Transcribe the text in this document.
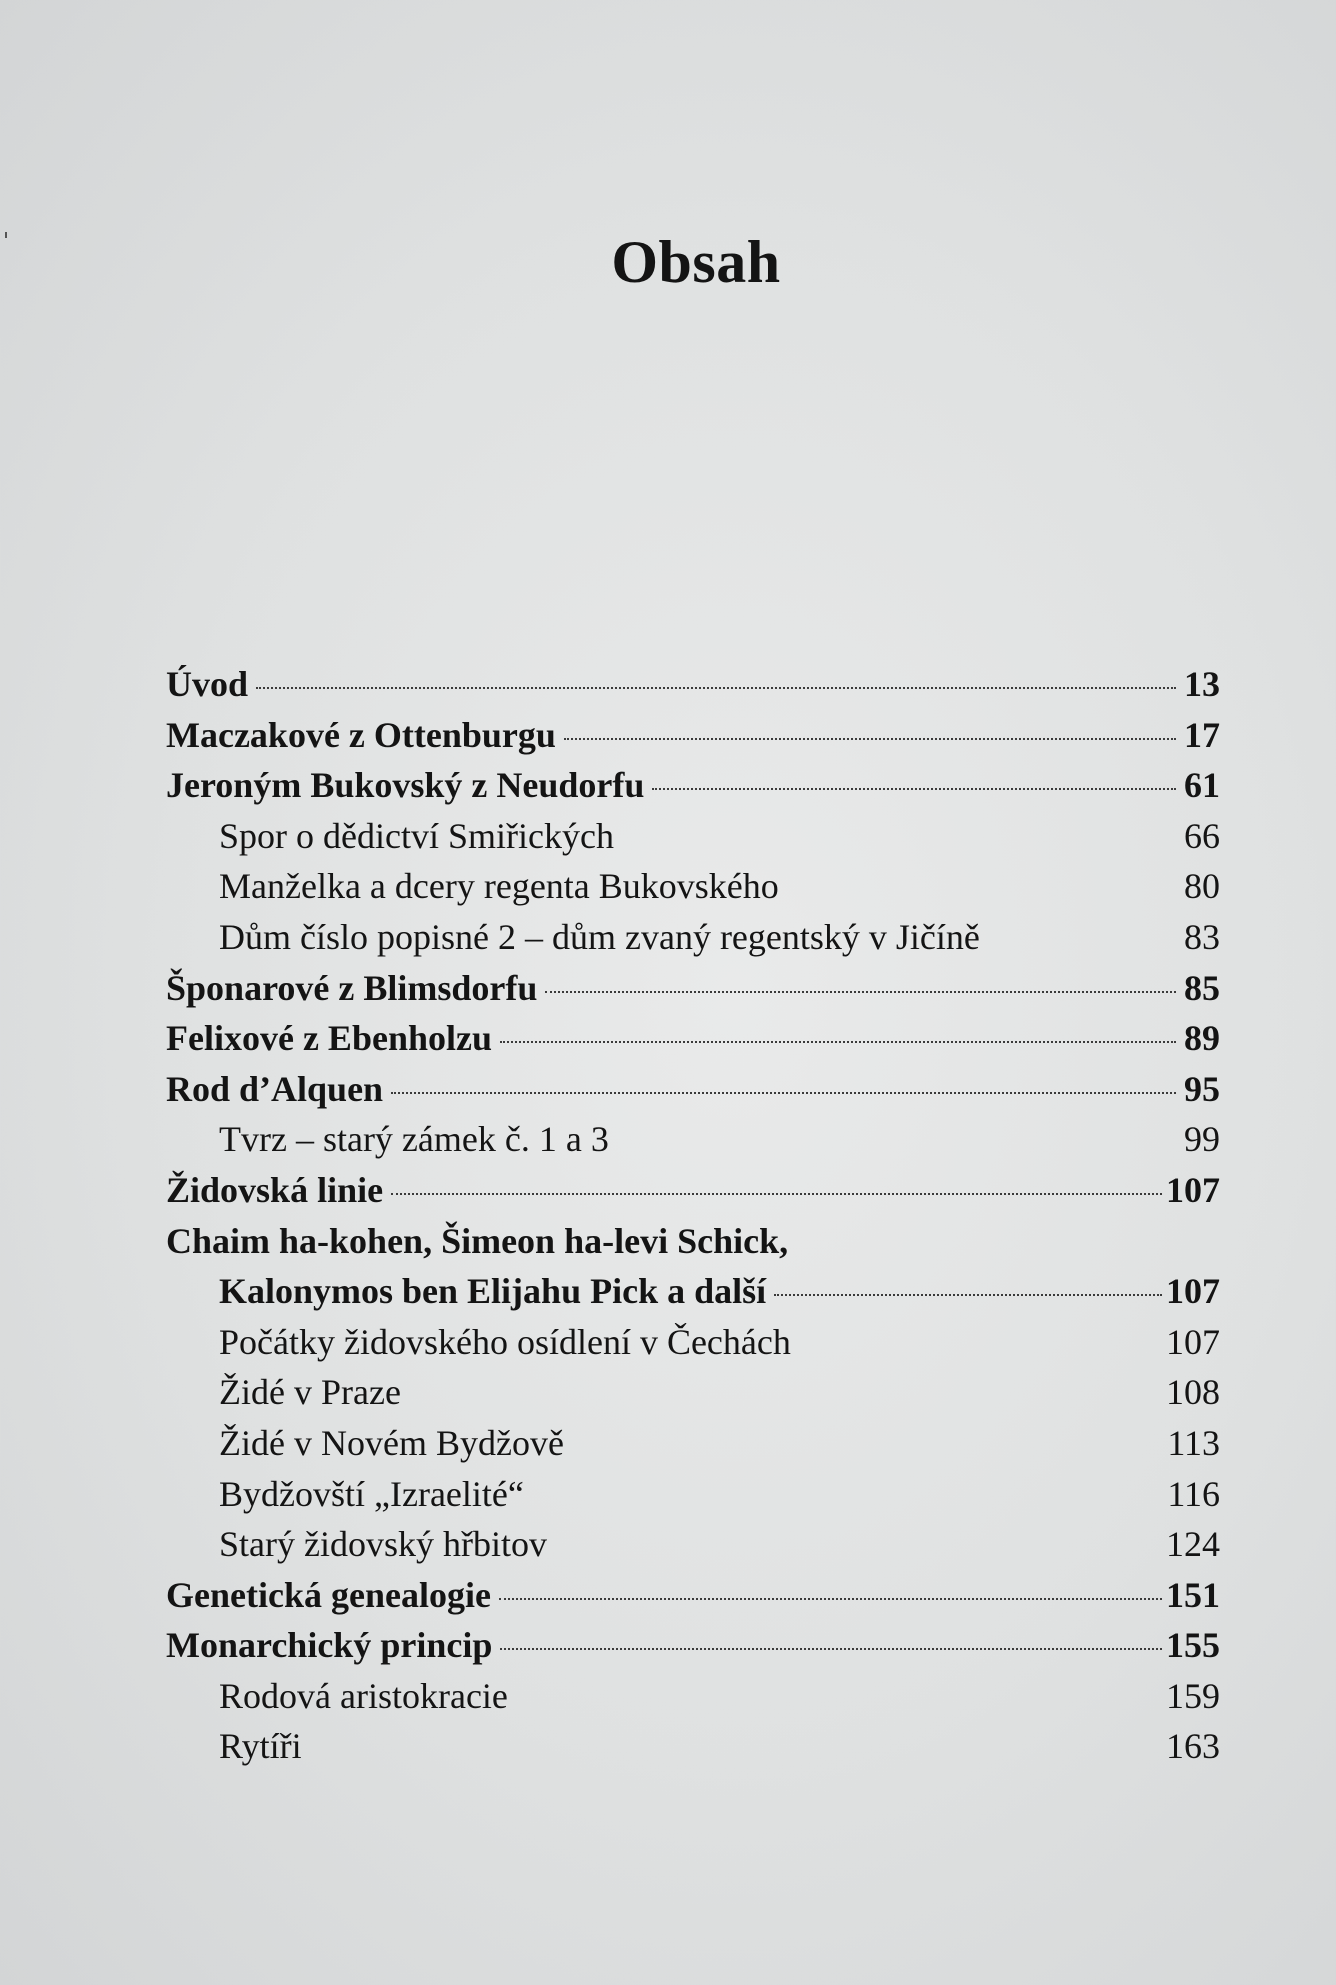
Obsah
Úvod	13
Maczakové z Ottenburgu	17
Jeroným Bukovský z Neudorfu	61
Spor o dědictví Smiřických	66
Manželka a dcery regenta Bukovského	80
Dům číslo popisné 2 – dům zvaný regentský v Jičíně	83
Šponarové z Blimsdorfu	85
Felixové z Ebenholzu	89
Rod d’Alquen	95
Tvrz – starý zámek č. 1 a 3	99
Židovská linie	107
Chaim ha-kohen, Šimeon ha-levi Schick,
Kalonymos ben Elijahu Pick a další	107
Počátky židovského osídlení v Čechách	107
Židé v Praze	108
Židé v Novém Bydžově	113
Bydžovští „Izraelité“	116
Starý židovský hřbitov	124
Genetická genealogie	151
Monarchický princip	155
Rodová aristokracie	159
Rytíři	163
